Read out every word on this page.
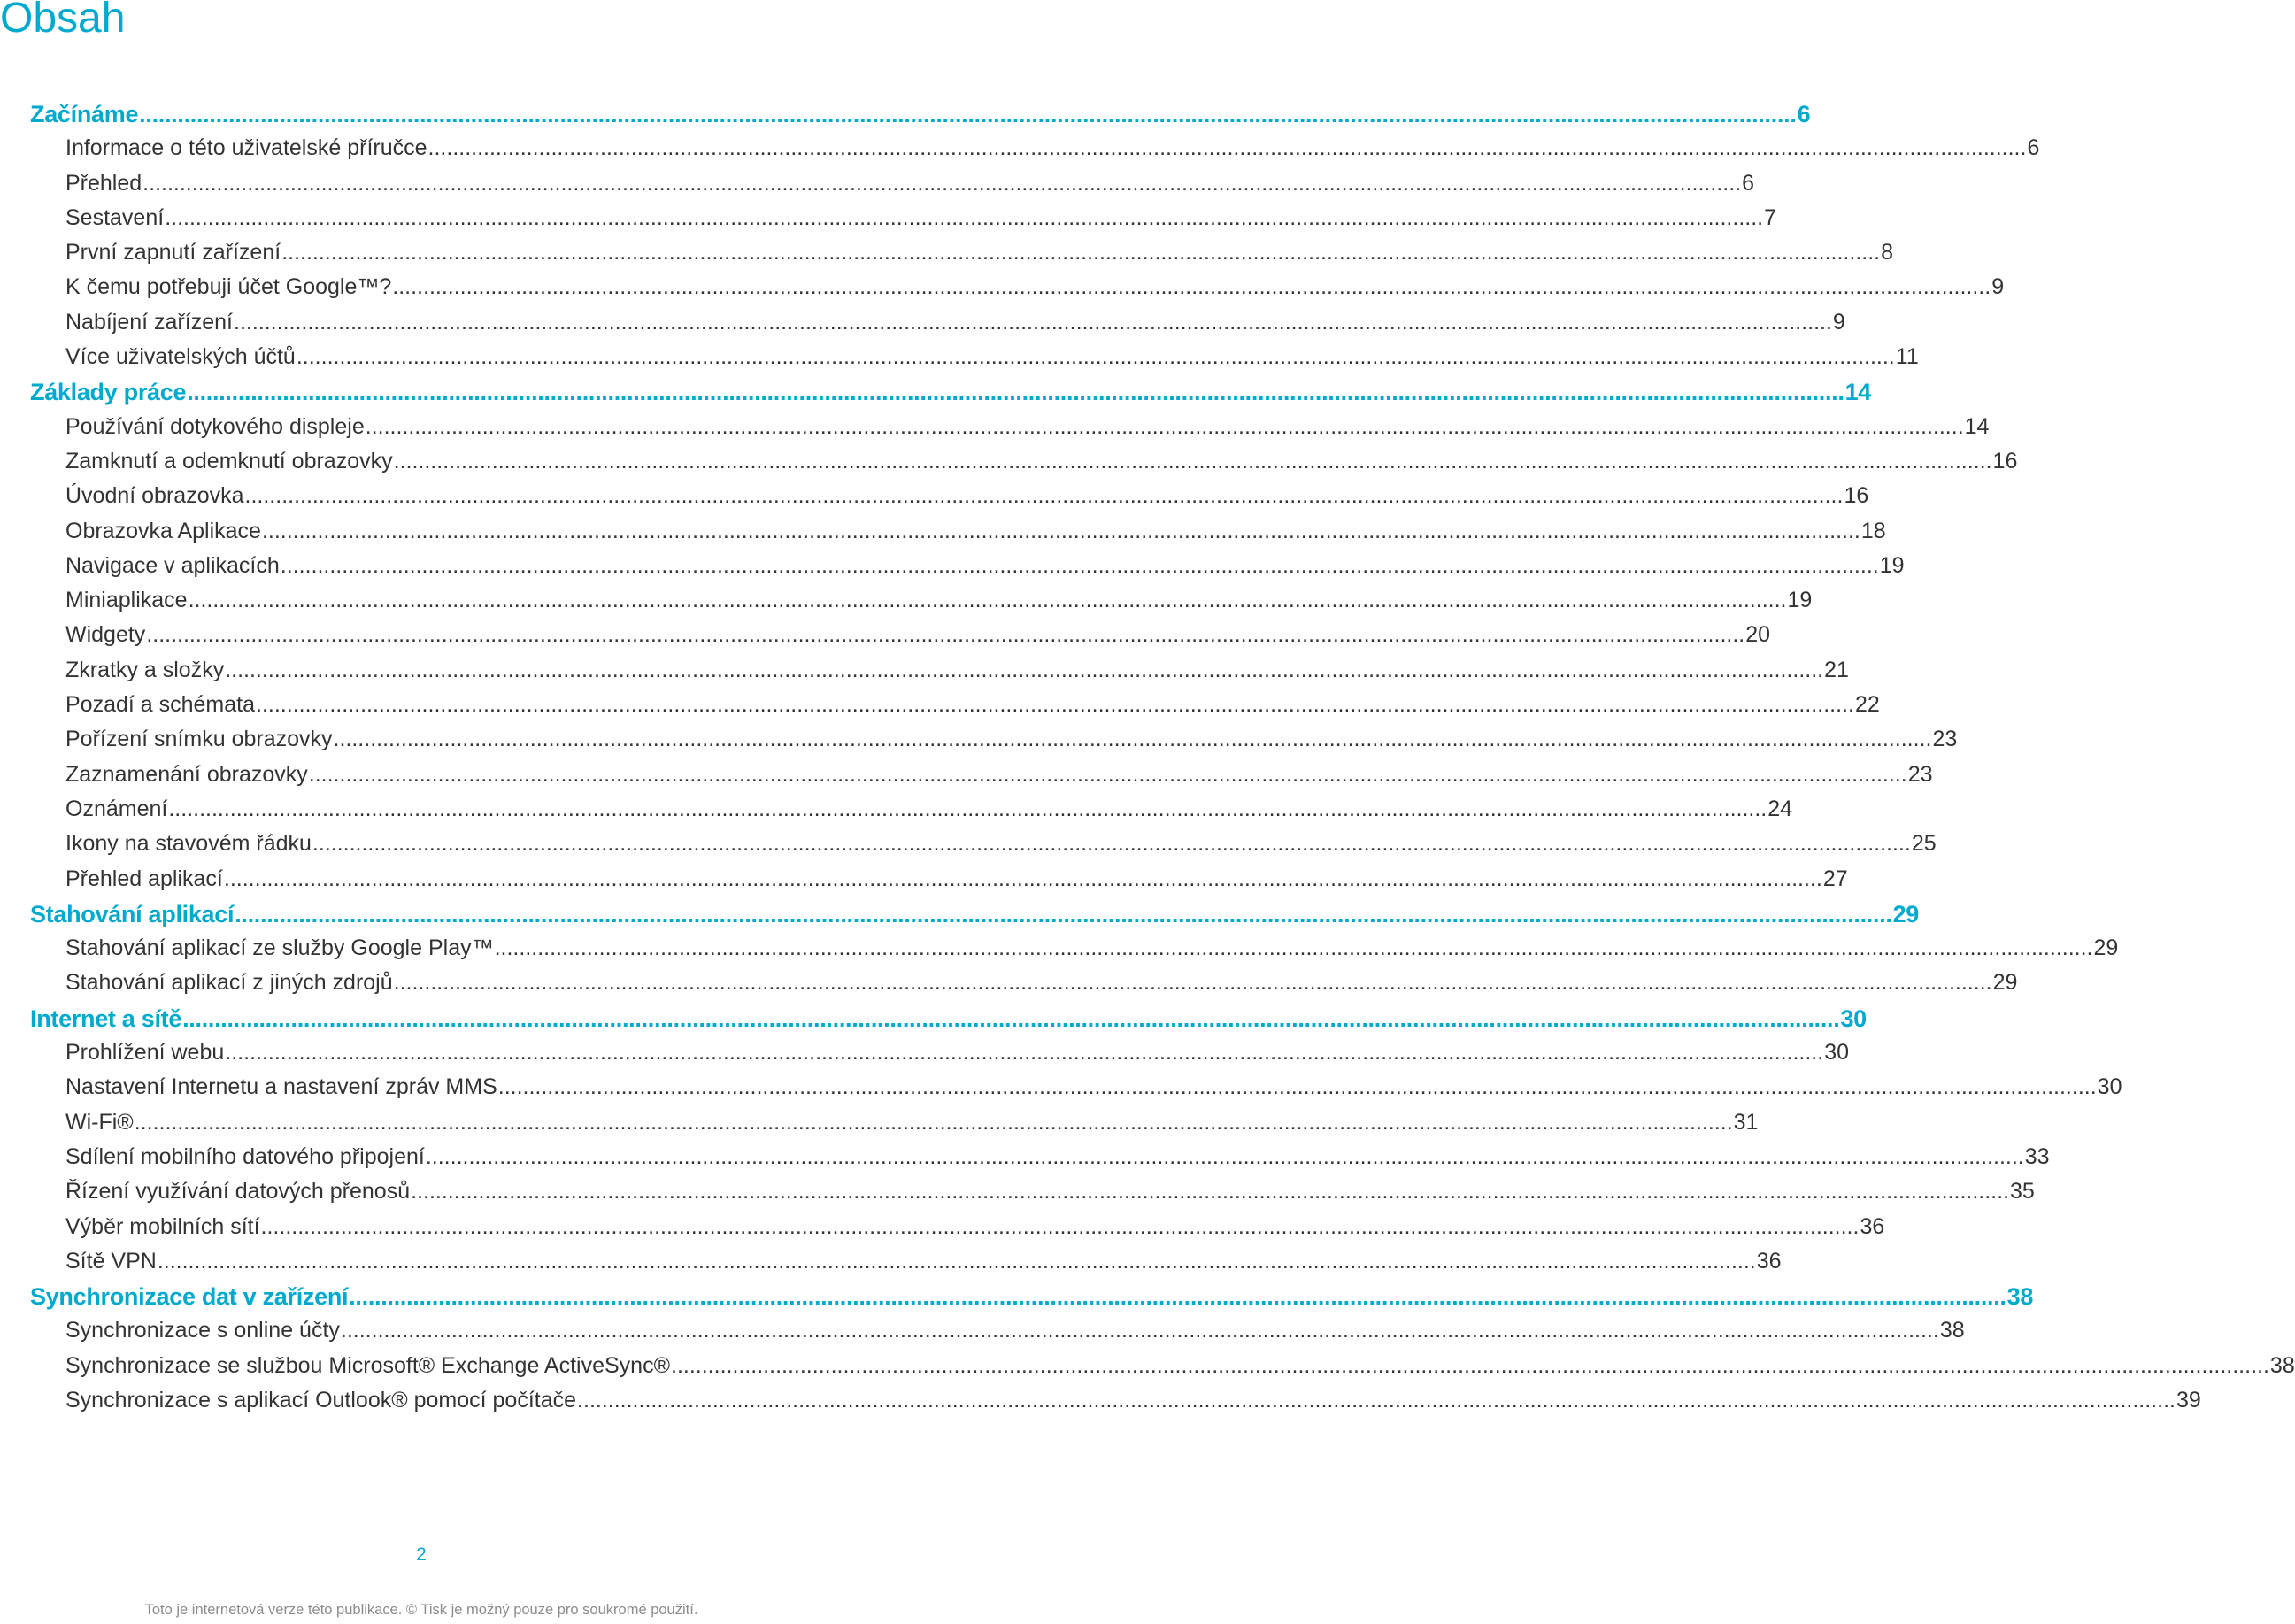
Obsah
Začínáme .................................................................................................................................................................................................................................................................... 6
Informace o této uživatelské příručce .................................................................................................................................................................................................................................................................... 6
Přehled .................................................................................................................................................................................................................................................................... 6
Sestavení .................................................................................................................................................................................................................................................................... 7
První zapnutí zařízení .................................................................................................................................................................................................................................................................... 8
K čemu potřebuji účet Google™? .................................................................................................................................................................................................................................................................... 9
Nabíjení zařízení .................................................................................................................................................................................................................................................................... 9
Více uživatelských účtů .................................................................................................................................................................................................................................................................... 11
Základy práce .................................................................................................................................................................................................................................................................... 14
Používání dotykového displeje .................................................................................................................................................................................................................................................................... 14
Zamknutí a odemknutí obrazovky .................................................................................................................................................................................................................................................................... 16
Úvodní obrazovka .................................................................................................................................................................................................................................................................... 16
Obrazovka Aplikace .................................................................................................................................................................................................................................................................... 18
Navigace v aplikacích .................................................................................................................................................................................................................................................................... 19
Miniaplikace .................................................................................................................................................................................................................................................................... 19
Widgety .................................................................................................................................................................................................................................................................... 20
Zkratky a složky .................................................................................................................................................................................................................................................................... 21
Pozadí a schémata .................................................................................................................................................................................................................................................................... 22
Pořízení snímku obrazovky .................................................................................................................................................................................................................................................................... 23
Zaznamenání obrazovky .................................................................................................................................................................................................................................................................... 23
Oznámení .................................................................................................................................................................................................................................................................... 24
Ikony na stavovém řádku .................................................................................................................................................................................................................................................................... 25
Přehled aplikací .................................................................................................................................................................................................................................................................... 27
Stahování aplikací .................................................................................................................................................................................................................................................................... 29
Stahování aplikací ze služby Google Play™ .................................................................................................................................................................................................................................................................... 29
Stahování aplikací z jiných zdrojů .................................................................................................................................................................................................................................................................... 29
Internet a sítě .................................................................................................................................................................................................................................................................... 30
Prohlížení webu .................................................................................................................................................................................................................................................................... 30
Nastavení Internetu a nastavení zpráv MMS .................................................................................................................................................................................................................................................................... 30
Wi-Fi® .................................................................................................................................................................................................................................................................... 31
Sdílení mobilního datového připojení .................................................................................................................................................................................................................................................................... 33
Řízení využívání datových přenosů .................................................................................................................................................................................................................................................................... 35
Výběr mobilních sítí .................................................................................................................................................................................................................................................................... 36
Sítě VPN .................................................................................................................................................................................................................................................................... 36
Synchronizace dat v zařízení .................................................................................................................................................................................................................................................................... 38
Synchronizace s online účty .................................................................................................................................................................................................................................................................... 38
Synchronizace se službou Microsoft® Exchange ActiveSync® .................................................................................................................................................................................................................................................................... 38
Synchronizace s aplikací Outlook® pomocí počítače .................................................................................................................................................................................................................................................................... 39
2
Toto je internetová verze této publikace. © Tisk je možný pouze pro soukromé použití.
